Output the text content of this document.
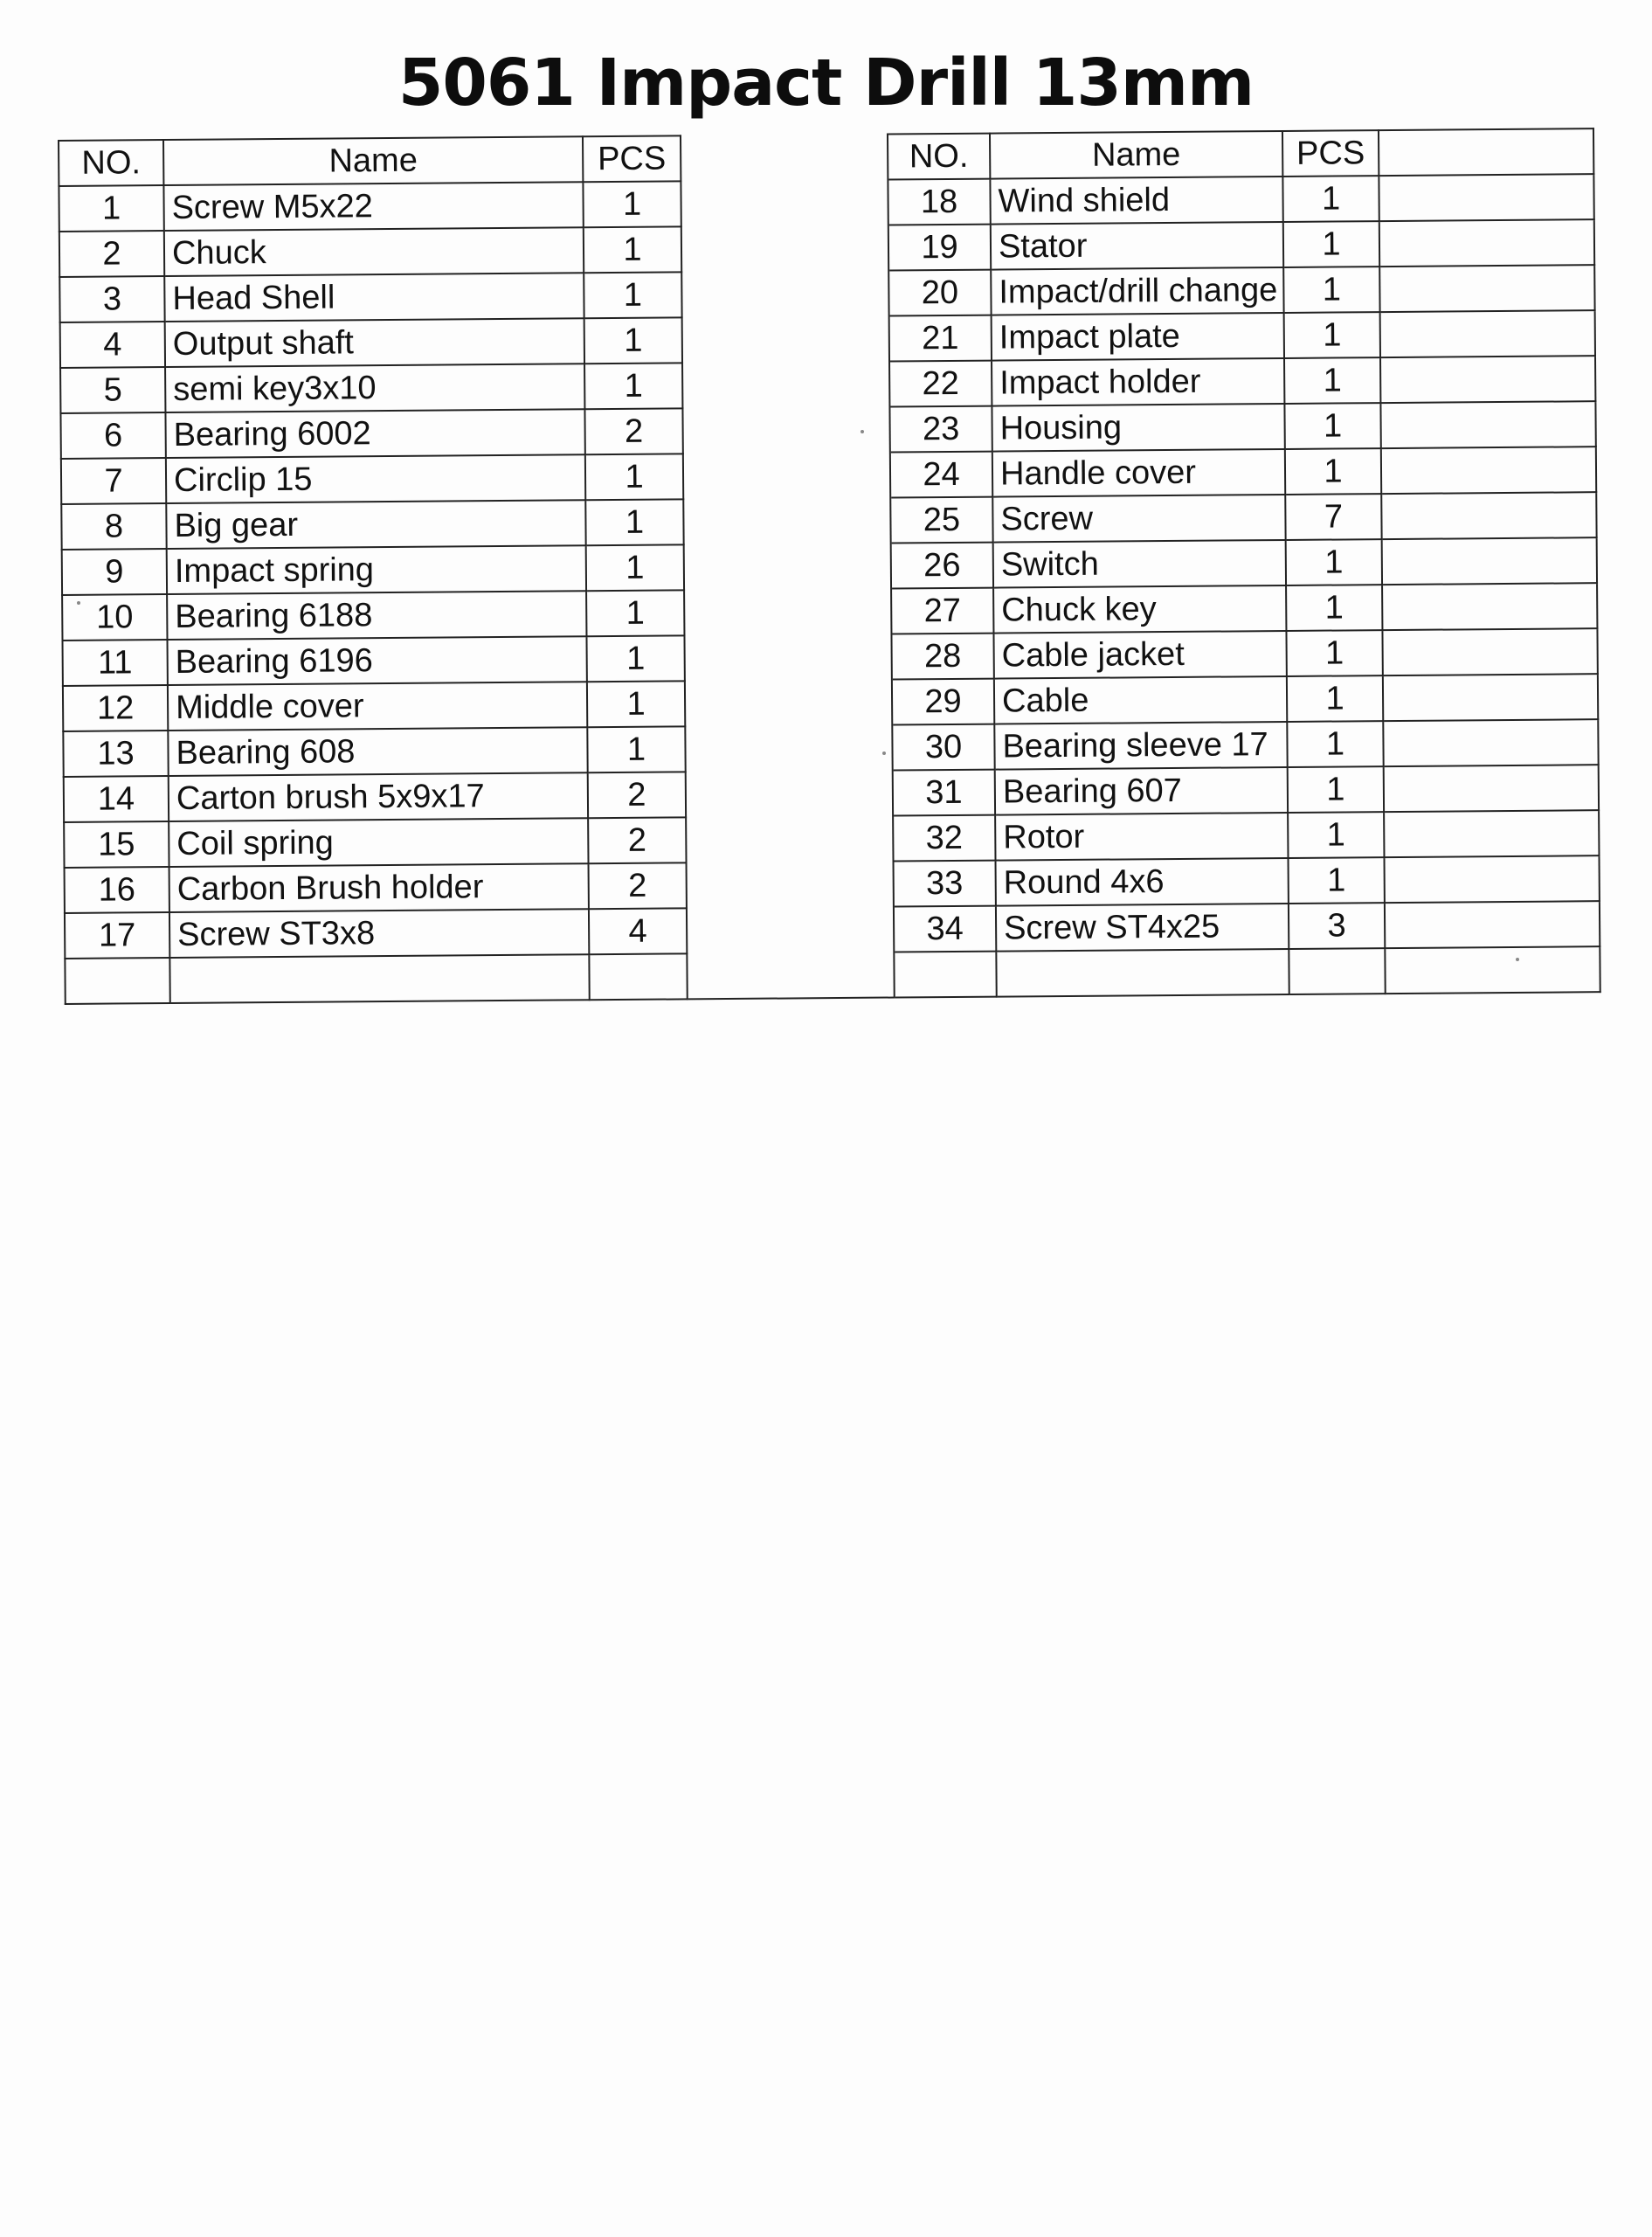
5061 Impact Drill 13mm
NO.	Name	PCS		NO.	Name	PCS	
1	Screw M5x22	1		18	Wind shield	1	
2	Chuck	1		19	Stator	1	
3	Head Shell	1		20	Impact/drill change	1	
4	Output shaft	1		21	Impact plate	1	
5	semi key3x10	1		22	Impact holder	1	
6	Bearing 6002	2		23	Housing	1	
7	Circlip 15	1		24	Handle cover	1	
8	Big gear	1		25	Screw	7	
9	Impact spring	1		26	Switch	1	
10	Bearing 6188	1		27	Chuck key	1	
11	Bearing 6196	1		28	Cable jacket	1	
12	Middle cover	1		29	Cable	1	
13	Bearing 608	1		30	Bearing sleeve 17	1	
14	Carton brush 5x9x17	2		31	Bearing 607	1	
15	Coil spring	2		32	Rotor	1	
16	Carbon Brush holder	2		33	Round 4x6	1	
17	Screw ST3x8	4		34	Screw ST4x25	3	
